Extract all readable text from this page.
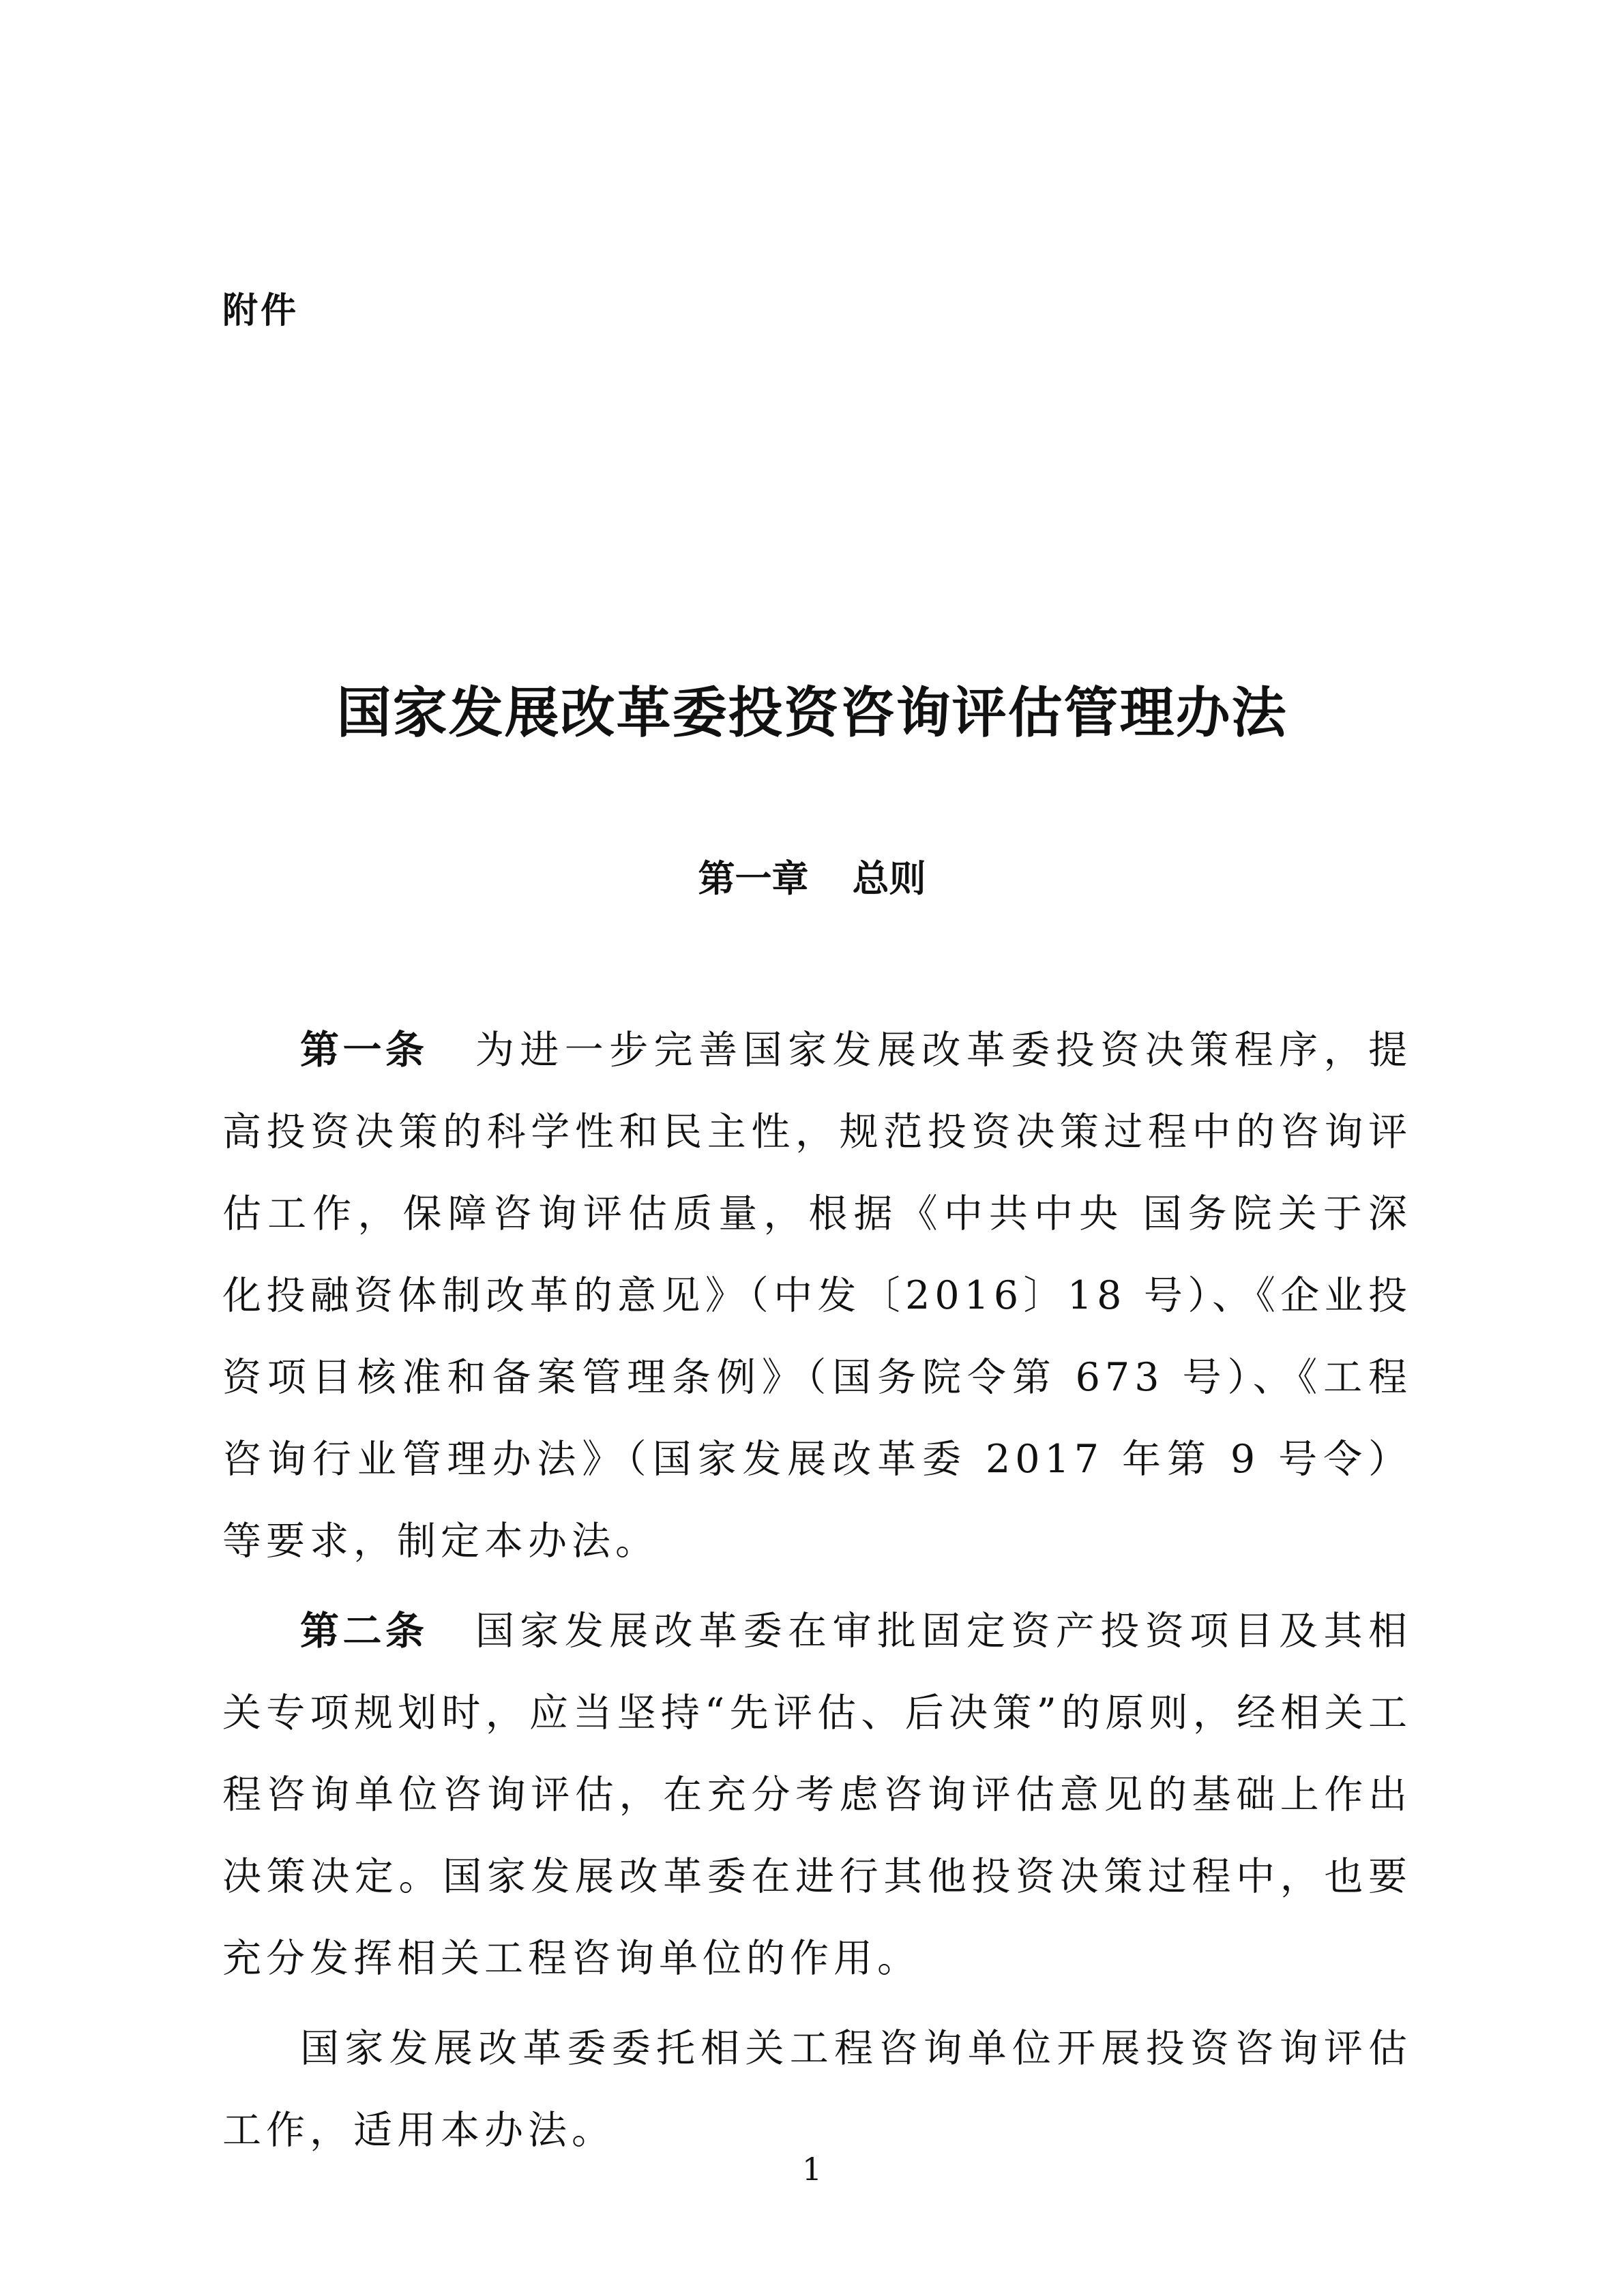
附件
国家发展改革委投资咨询评估管理办法
第一章 总则

第一条 为进一步完善国家发展改革委投资决策程序，提高投资决策的科学性和民主性，规范投资决策过程中的咨询评估工作，保障咨询评估质量，根据《中共中央 国务院关于深化投融资体制改革的意见》（中发〔2016〕18 号）、《企业投资项目核准和备案管理条例》（国务院令第 673 号）、《工程咨询行业管理办法》（国家发展改革委 2017 年第 9 号令）等要求，制定本办法。

第二条 国家发展改革委在审批固定资产投资项目及其相关专项规划时，应当坚持“先评估、后决策”的原则，经相关工程咨询单位咨询评估，在充分考虑咨询评估意见的基础上作出决策决定。国家发展改革委在进行其他投资决策过程中，也要充分发挥相关工程咨询单位的作用。

国家发展改革委委托相关工程咨询单位开展投资咨询评估工作，适用本办法。

1
